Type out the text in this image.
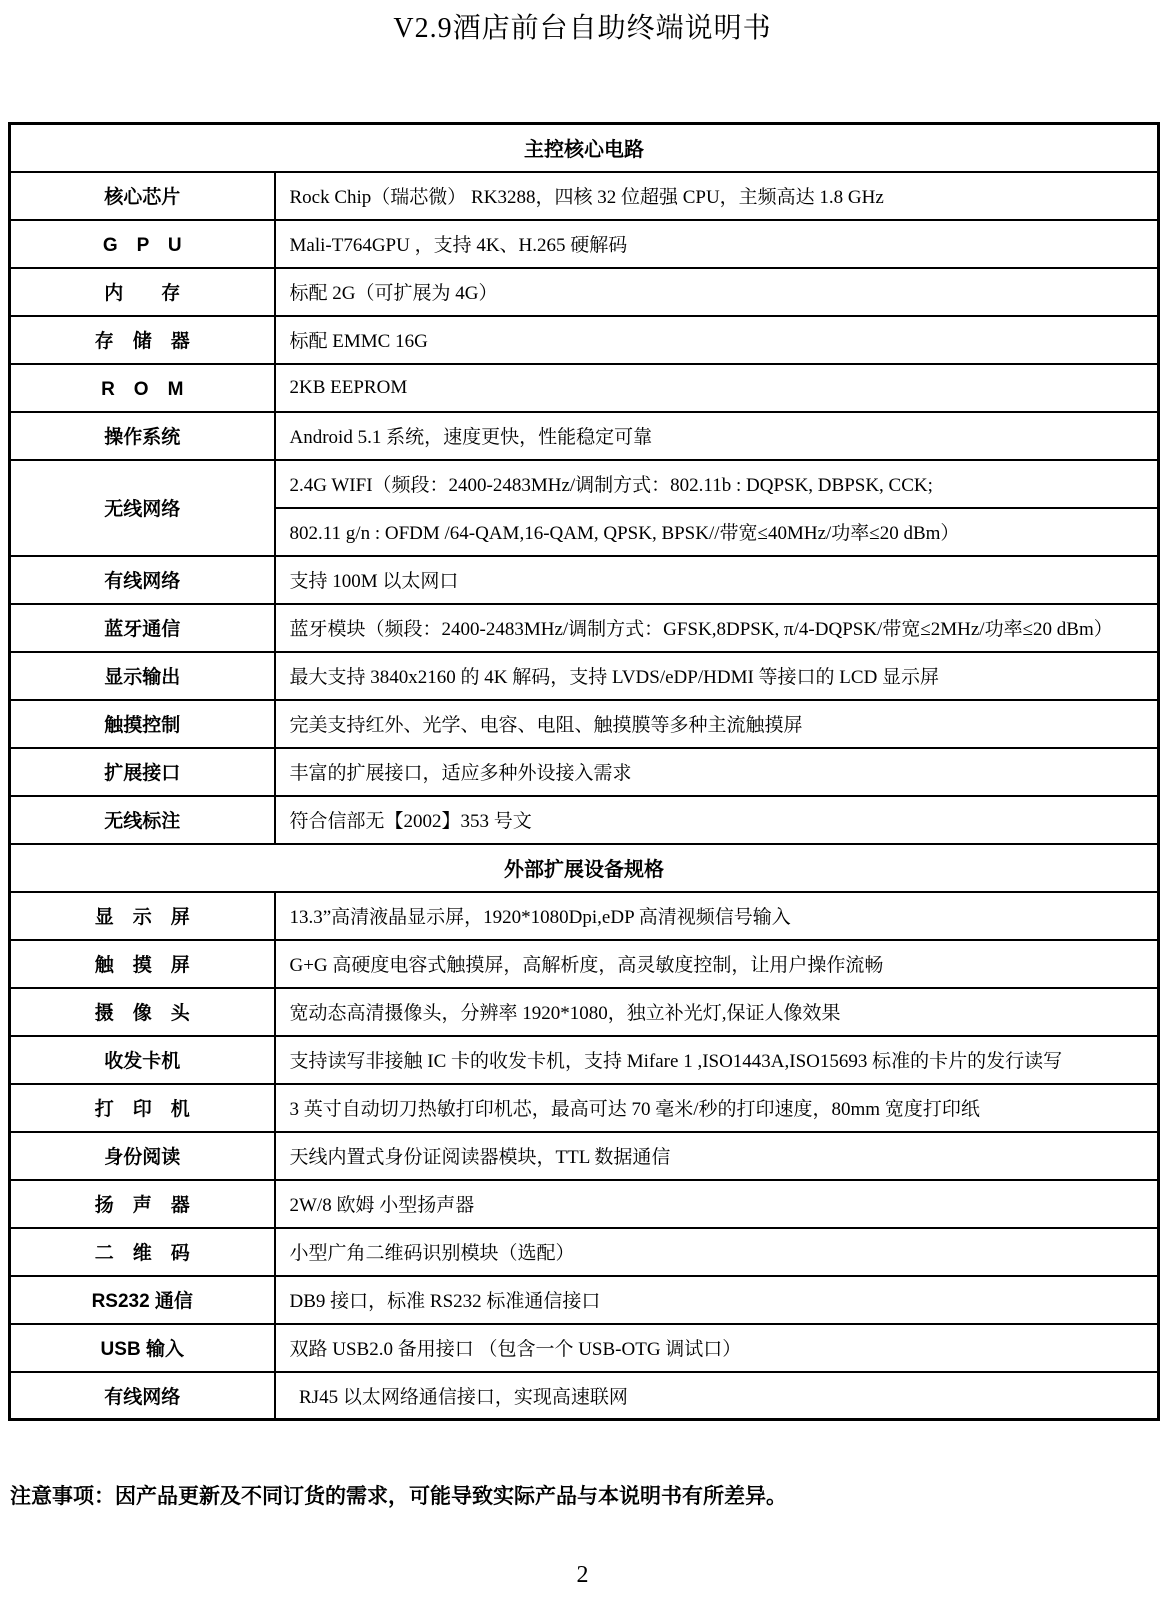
V2.9酒店前台自助终端说明书
主控核心电路	
核心芯片	Rock Chip（瑞芯微） RK3288，四核 32 位超强 CPU，主频高达 1.8 GHz
G　P　U	Mali-T764GPU ，支持 4K、H.265 硬解码
内　　存	标配 2G（可扩展为 4G）
存　储　器	标配 EMMC 16G
R　O　M	2KB EEPROM
操作系统	Android 5.1 系统，速度更快，性能稳定可靠
无线网络	2.4G WIFI（频段：2400-2483MHz/调制方式：802.11b : DQPSK, DBPSK, CCK;
	802.11 g/n : OFDM /64-QAM,16-QAM, QPSK, BPSK//带宽≤40MHz/功率≤20 dBm）
有线网络	支持 100M 以太网口
蓝牙通信	蓝牙模块（频段：2400-2483MHz/调制方式：GFSK,8DPSK, π/4-DQPSK/带宽≤2MHz/功率≤20 dBm）
显示输出	最大支持 3840x2160 的 4K 解码，支持 LVDS/eDP/HDMI 等接口的 LCD 显示屏
触摸控制	完美支持红外、光学、电容、电阻、触摸膜等多种主流触摸屏
扩展接口	丰富的扩展接口，适应多种外设接入需求
无线标注	符合信部无【2002】353 号文
外部扩展设备规格	
显　示　屏	13.3”高清液晶显示屏，1920*1080Dpi,eDP 高清视频信号输入
触　摸　屏	G+G 高硬度电容式触摸屏，高解析度，高灵敏度控制，让用户操作流畅
摄　像　头	宽动态高清摄像头，分辨率 1920*1080，独立补光灯,保证人像效果
收发卡机	支持读写非接触 IC 卡的收发卡机，支持 Mifare 1 ,ISO1443A,ISO15693 标准的卡片的发行读写
打　印　机	3 英寸自动切刀热敏打印机芯，最高可达 70 毫米/秒的打印速度，80mm 宽度打印纸
身份阅读	天线内置式身份证阅读器模块，TTL 数据通信
扬　声　器	2W/8 欧姆 小型扬声器
二　维　码	小型广角二维码识别模块（选配）
RS232 通信	DB9 接口，标准 RS232 标准通信接口
USB 输入	双路 USB2.0 备用接口 （包含一个 USB-OTG 调试口）
有线网络	RJ45 以太网络通信接口，实现高速联网
注意事项：因产品更新及不同订货的需求，可能导致实际产品与本说明书有所差异。
2
